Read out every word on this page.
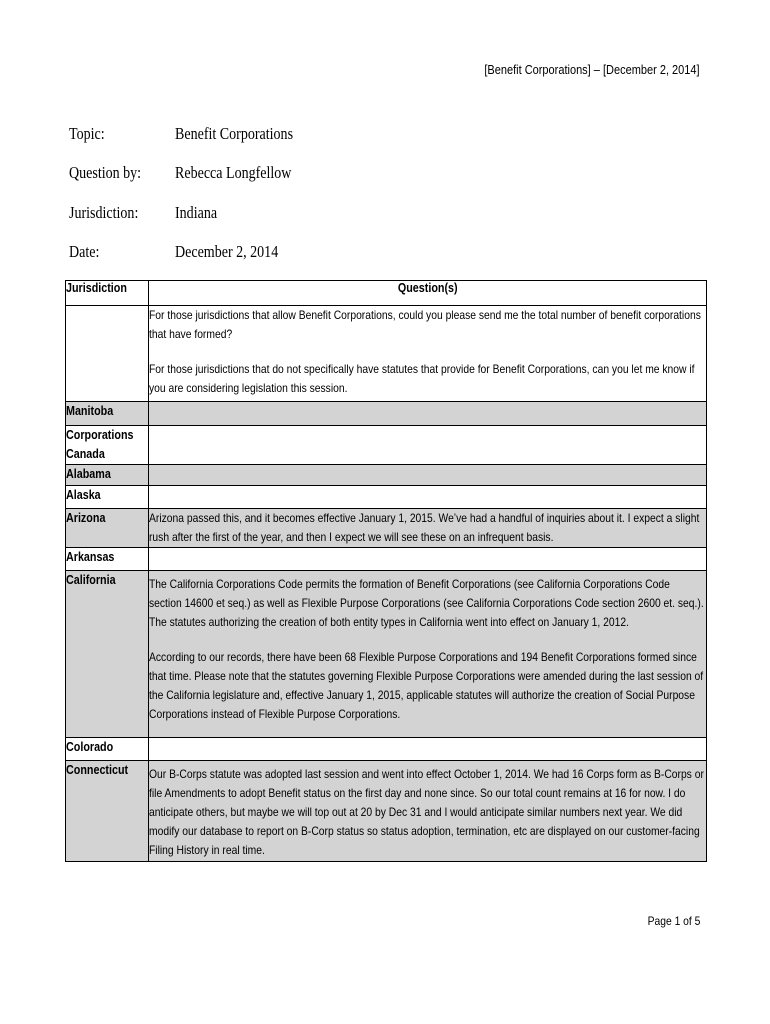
[Benefit Corporations] – [December 2, 2014]
Topic:	Benefit Corporations
Question by: Rebecca Longfellow
Jurisdiction: Indiana
Date:	December 2, 2014
Jurisdiction	Question(s)

	For those jurisdictions that allow Benefit Corporations, could you please send me the total number of benefit corporations that have formed?

For those jurisdictions that do not specifically have statutes that provide for Benefit Corporations, can you let me know if you are considering legislation this session.

Manitoba	
Corporations Canada	
Alabama	
Alaska	
Arizona	Arizona passed this, and it becomes effective January 1, 2015. We’ve had a handful of inquiries about it. I expect a slight rush after the first of the year, and then I expect we will see these on an infrequent basis.
Arkansas	
California	The California Corporations Code permits the formation of Benefit Corporations (see California Corporations Code section 14600 et seq.) as well as Flexible Purpose Corporations (see California Corporations Code section 2600 et. seq.). The statutes authorizing the creation of both entity types in California went into effect on January 1, 2012.

According to our records, there have been 68 Flexible Purpose Corporations and 194 Benefit Corporations formed since that time. Please note that the statutes governing Flexible Purpose Corporations were amended during the last session of the California legislature and, effective January 1, 2015, applicable statutes will authorize the creation of Social Purpose Corporations instead of Flexible Purpose Corporations.

Colorado	
Connecticut	Our B-Corps statute was adopted last session and went into effect October 1, 2014. We had 16 Corps form as B-Corps or file Amendments to adopt Benefit status on the first day and none since. So our total count remains at 16 for now. I do anticipate others, but maybe we will top out at 20 by Dec 31 and I would anticipate similar numbers next year. We did modify our database to report on B-Corp status so status adoption, termination, etc are displayed on our customer-facing Filing History in real time.
Page 1 of 5
